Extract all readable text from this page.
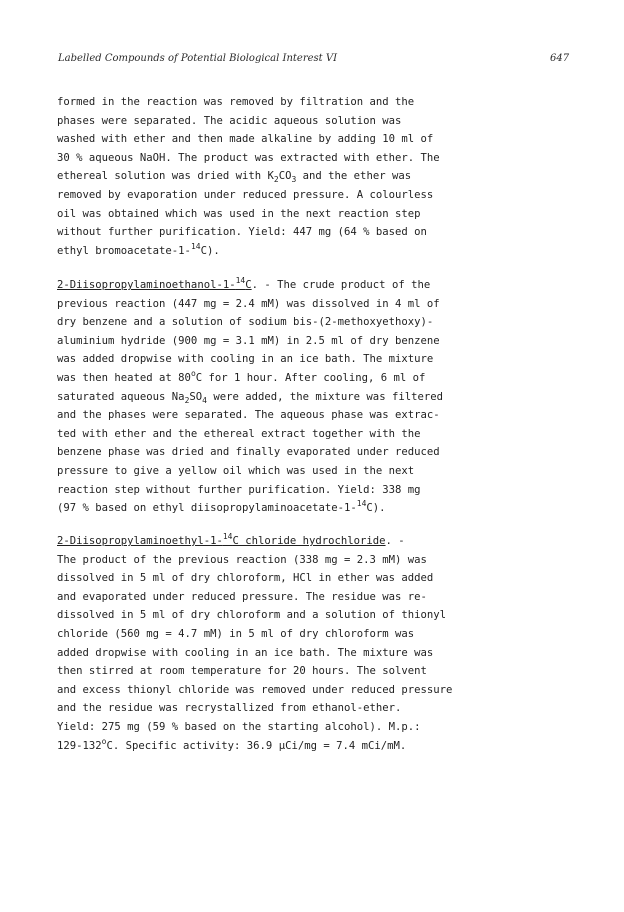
Labelled Compounds of Potential Biological Interest VI	647
formed in the reaction was removed by filtration and the
phases were separated. The acidic aqueous solution was
washed with ether and then made alkaline by adding 10 ml of
30 % aqueous NaOH. The product was extracted with ether. The
ethereal solution was dried with $K_2CO_3$ and the ether was
removed by evaporation under reduced pressure. A colourless
oil was obtained which was used in the next reaction step
without further purification. Yield: 447 mg (64 % based on
ethyl bromoacetate-1-$^{14}$C).
2-Diisopropylaminoethanol-1-$^{14}$C. - The crude product of the
previous reaction (447 mg = 2.4 mM) was dissolved in 4 ml of
dry benzene and a solution of sodium bis-(2-methoxyethoxy)-
aluminium hydride (900 mg = 3.1 mM) in 2.5 ml of dry benzene
was added dropwise with cooling in an ice bath. The mixture
was then heated at 80$^o$C for 1 hour. After cooling, 6 ml of
saturated aqueous $Na_2SO_4$ were added, the mixture was filtered
and the phases were separated. The aqueous phase was extrac-
ted with ether and the ethereal extract together with the
benzene phase was dried and finally evaporated under reduced
pressure to give a yellow oil which was used in the next
reaction step without further purification. Yield: 338 mg
(97 % based on ethyl diisopropylaminoacetate-1-$^{14}$C).
2-Diisopropylaminoethyl-1-$^{14}$C chloride hydrochloride. -
The product of the previous reaction (338 mg = 2.3 mM) was
dissolved in 5 ml of dry chloroform, HCl in ether was added
and evaporated under reduced pressure. The residue was re-
dissolved in 5 ml of dry chloroform and a solution of thionyl
chloride (560 mg = 4.7 mM) in 5 ml of dry chloroform was
added dropwise with cooling in an ice bath. The mixture was
then stirred at room temperature for 20 hours. The solvent
and excess thionyl chloride was removed under reduced pressure
and the residue was recrystallized from ethanol-ether.
Yield: 275 mg (59 % based on the starting alcohol). M.p.:
129-132$^o$C. Specific activity: 36.9 μCi/mg = 7.4 mCi/mM.
